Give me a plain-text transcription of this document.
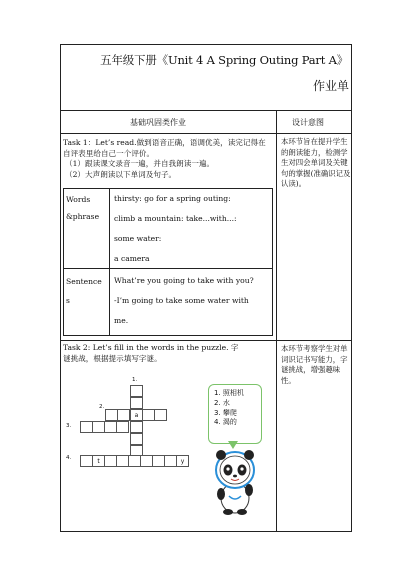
五年级下册《Unit 4 A Spring Outing Part A》
作业单
基础巩固类作业	设计意图
Task 1：Let’s read.做到语音正确，语调优美，读完记得在自评表里给自己一个评价。
（1）跟读课文录音一遍，并自我朗读一遍。
（2）大声朗读以下单词及句子。
本环节旨在提升学生的朗读能力，检测学生对四会单词及关键句的掌握(准确识记及认读)。
Words
&phrase
thirsty: go for a spring outing:
climb a mountain: take...with...:
some water:
a camera
Sentence
s
What’re you going to take with you?
-I’m going to take some water with
me.
Task 2: Let’s fill in the words in the puzzle. 字
谜挑战，根据提示填写字谜。
本环节考察学生对单词识记书写能力，字谜挑战，增强趣味性。
1.
2.
3.
4.
a
t	y
1. 照相机
2. 水
3. 攀爬
4. 渴的
